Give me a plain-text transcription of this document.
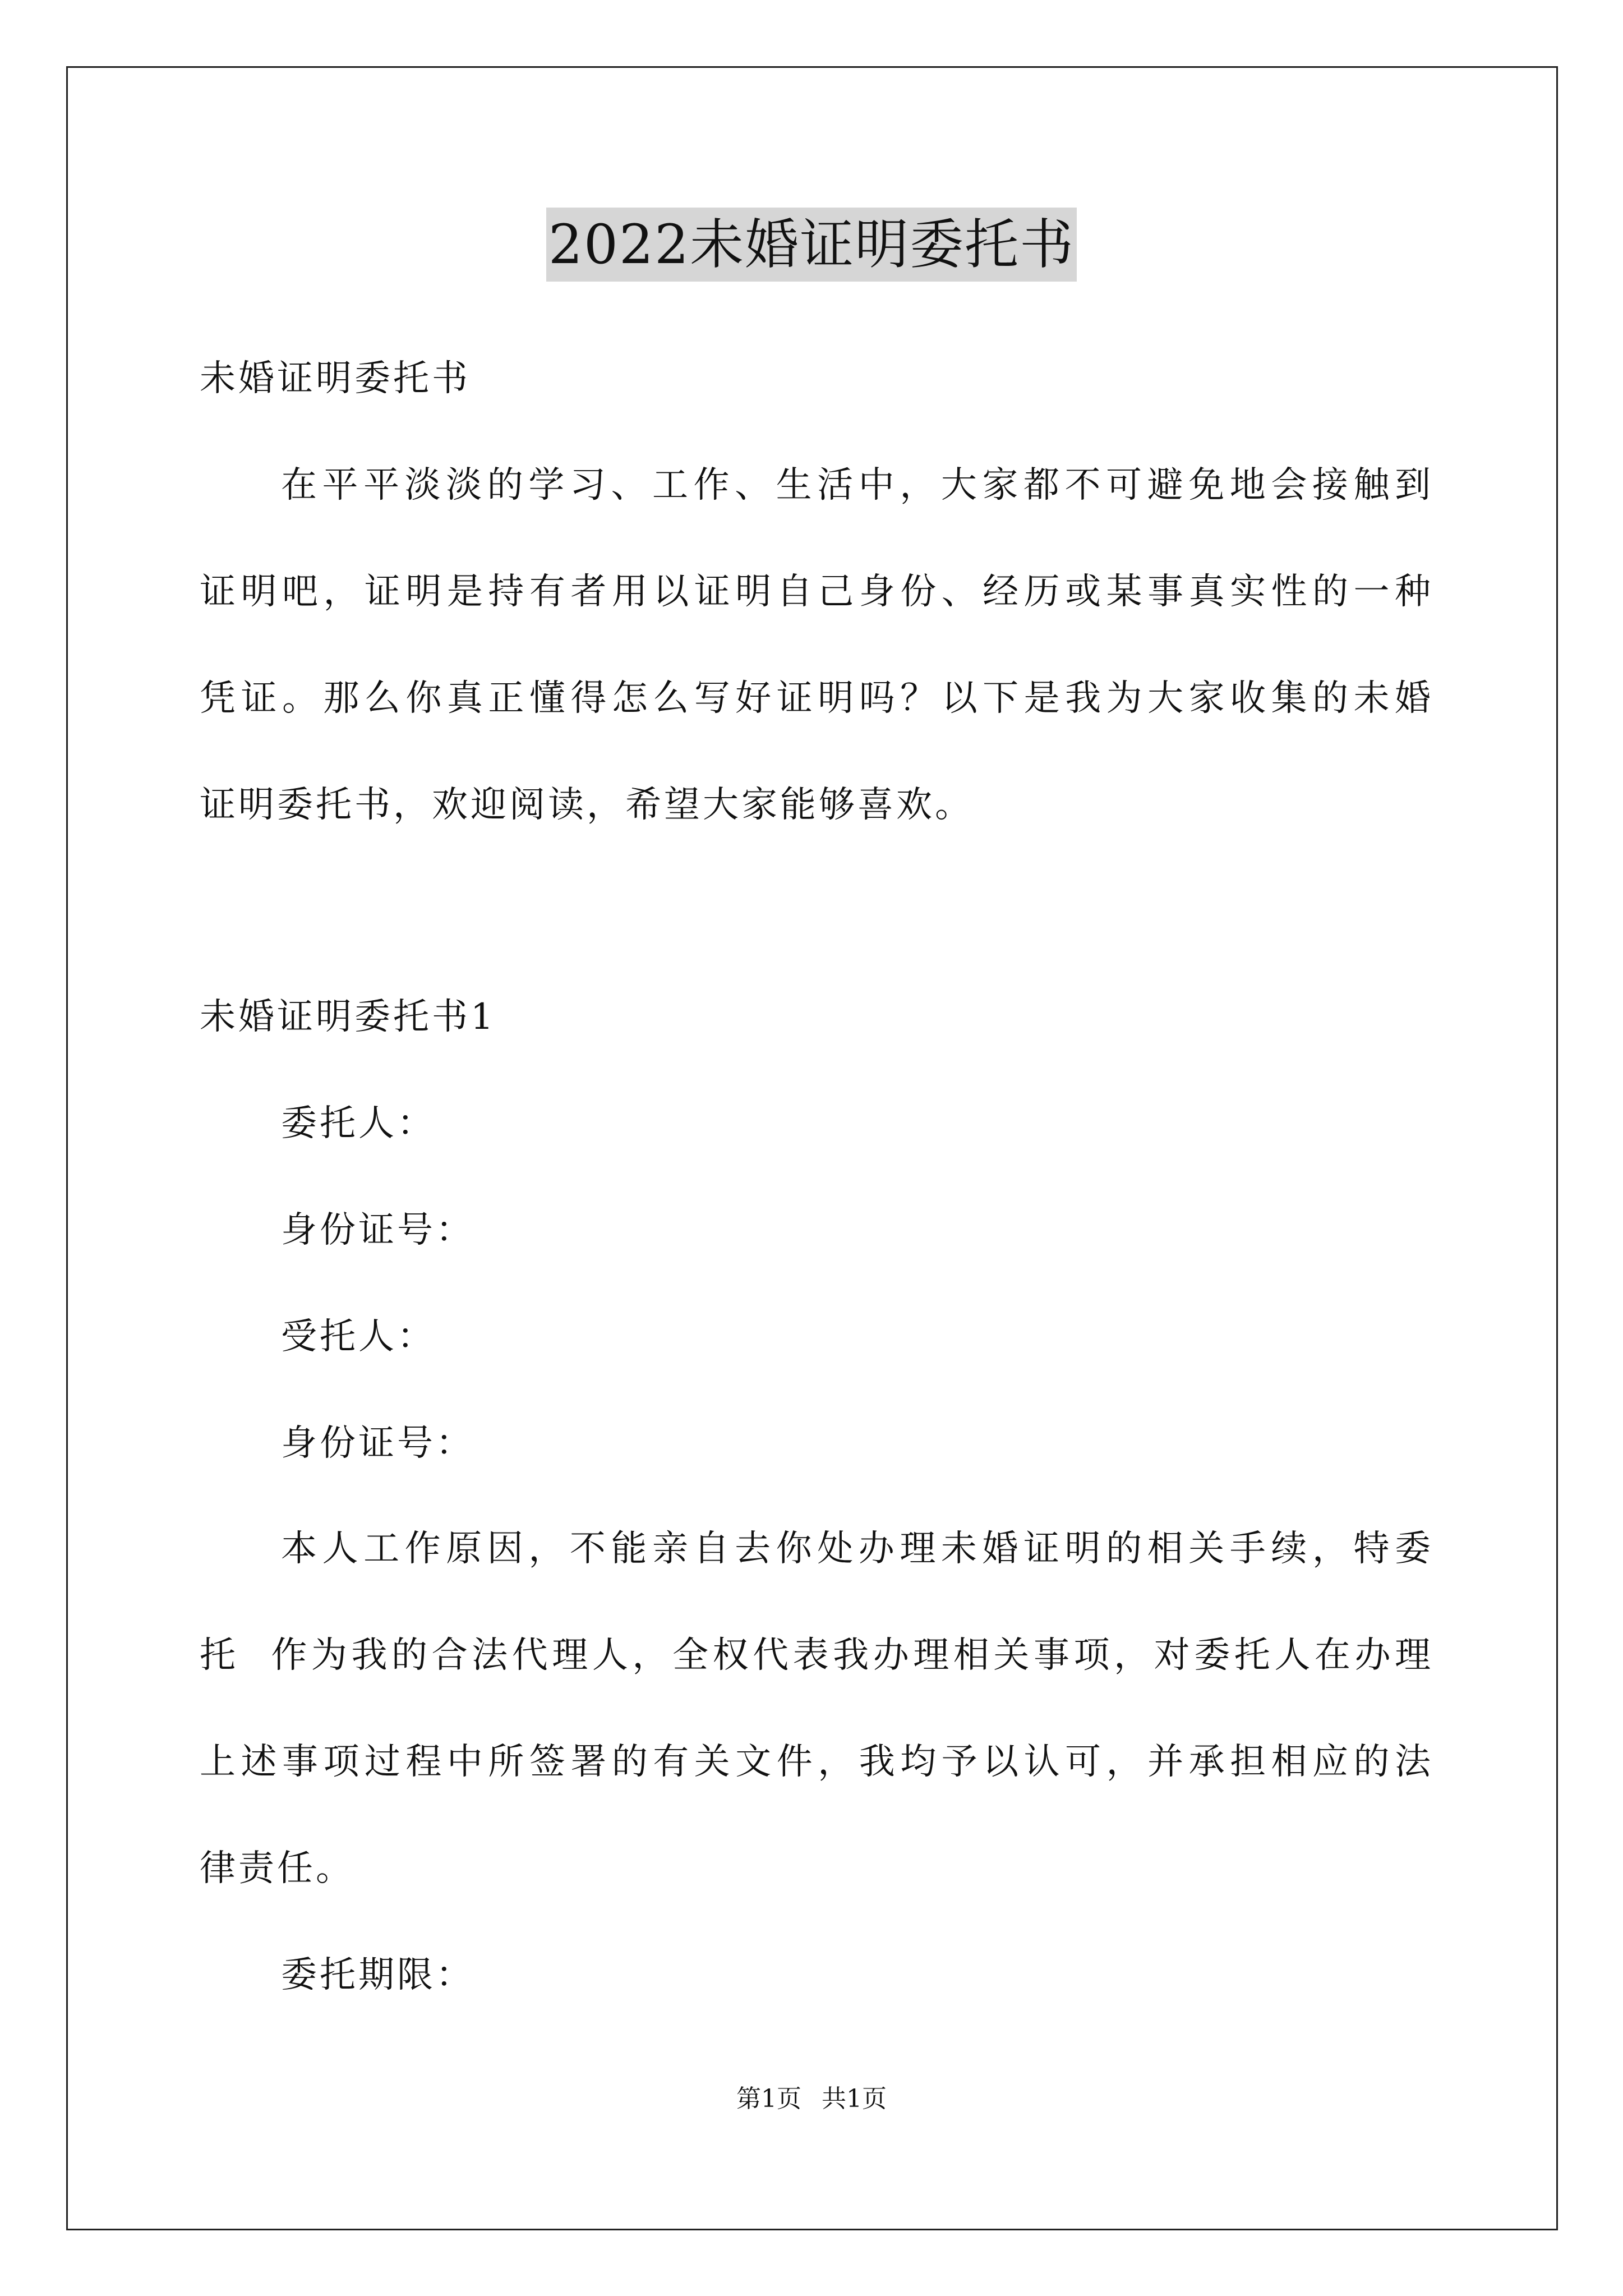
2022未婚证明委托书
未婚证明委托书
在平平淡淡的学习、工作、生活中，大家都不可避免地会接触到
证明吧，证明是持有者用以证明自己身份、经历或某事真实性的一种
凭证。那么你真正懂得怎么写好证明吗？以下是我为大家收集的未婚
证明委托书，欢迎阅读，希望大家能够喜欢。
未婚证明委托书1
委托人：
身份证号：
受托人：
身份证号：
本人工作原因，不能亲自去你处办理未婚证明的相关手续，特委
托  作为我的合法代理人，全权代表我办理相关事项，对委托人在办理
上述事项过程中所签署的有关文件，我均予以认可，并承担相应的法
律责任。
委托期限：
第1页 共1页
